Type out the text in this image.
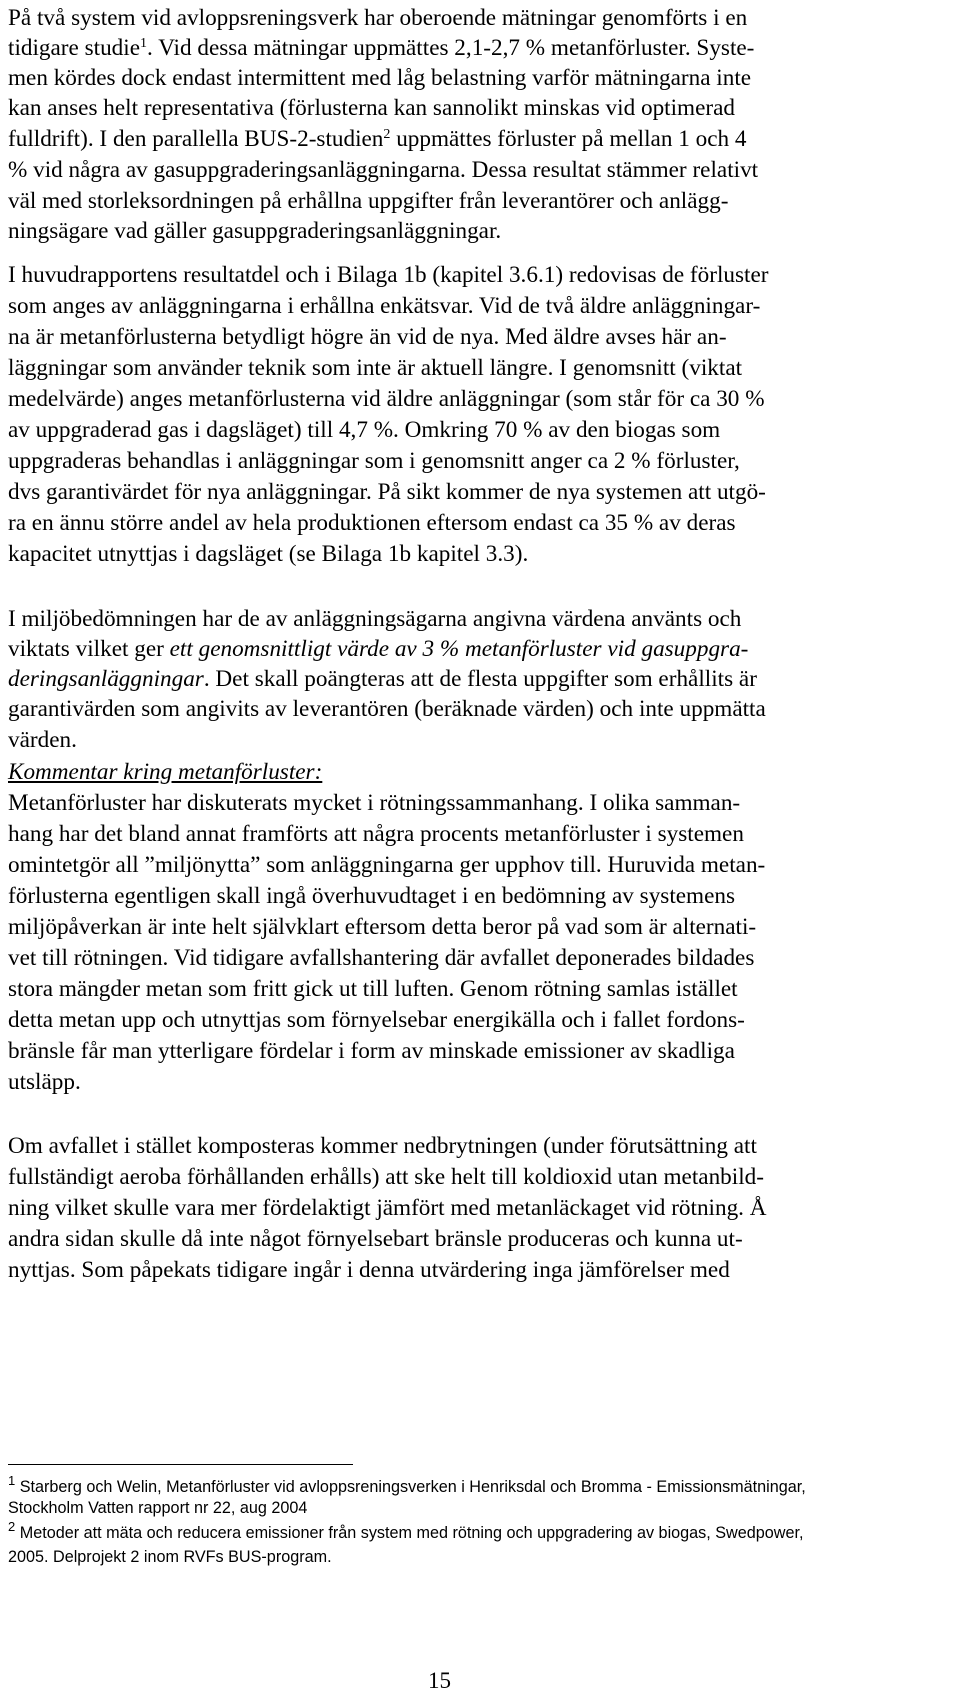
På två system vid avloppsreningsverk har oberoende mätningar genomförts i en
tidigare studie$^1$. Vid dessa mätningar uppmättes 2,1-2,7 % metanförluster. Syste-
men kördes dock endast intermittent med låg belastning varför mätningarna inte
kan anses helt representativa (förlusterna kan sannolikt minskas vid optimerad
fulldrift). I den parallella BUS-2-studien$^2$ uppmättes förluster på mellan 1 och 4
% vid några av gasuppgraderingsanläggningarna. Dessa resultat stämmer relativt
väl med storleksordningen på erhållna uppgifter från leverantörer och anlägg-
ningsägare vad gäller gasuppgraderingsanläggningar.
I huvudrapportens resultatdel och i Bilaga 1b (kapitel 3.6.1) redovisas de förluster
som anges av anläggningarna i erhållna enkätsvar. Vid de två äldre anläggningar-
na är metanförlusterna betydligt högre än vid de nya. Med äldre avses här an-
läggningar som använder teknik som inte är aktuell längre. I genomsnitt (viktat
medelvärde) anges metanförlusterna vid äldre anläggningar (som står för ca 30 %
av uppgraderad gas i dagsläget) till 4,7 %. Omkring 70 % av den biogas som
uppgraderas behandlas i anläggningar som i genomsnitt anger ca 2 % förluster,
dvs garantivärdet för nya anläggningar. På sikt kommer de nya systemen att utgö-
ra en ännu större andel av hela produktionen eftersom endast ca 35 % av deras
kapacitet utnyttjas i dagsläget (se Bilaga 1b kapitel 3.3).
I miljöbedömningen har de av anläggningsägarna angivna värdena använts och
viktats vilket ger ett genomsnittligt värde av 3 % metanförluster vid gasuppgra-
deringsanläggningar. Det skall poängteras att de flesta uppgifter som erhållits är
garantivärden som angivits av leverantören (beräknade värden) och inte uppmätta
värden.
Kommentar kring metanförluster:
Metanförluster har diskuterats mycket i rötningssammanhang. I olika samman-
hang har det bland annat framförts att några procents metanförluster i systemen
omintetgör all ”miljönytta” som anläggningarna ger upphov till. Huruvida metan-
förlusterna egentligen skall ingå överhuvudtaget i en bedömning av systemens
miljöpåverkan är inte helt självklart eftersom detta beror på vad som är alternati-
vet till rötningen. Vid tidigare avfallshantering där avfallet deponerades bildades
stora mängder metan som fritt gick ut till luften. Genom rötning samlas istället
detta metan upp och utnyttjas som förnyelsebar energikälla och i fallet fordons-
bränsle får man ytterligare fördelar i form av minskade emissioner av skadliga
utsläpp.
Om avfallet i stället komposteras kommer nedbrytningen (under förutsättning att
fullständigt aeroba förhållanden erhålls) att ske helt till koldioxid utan metanbild-
ning vilket skulle vara mer fördelaktigt jämfört med metanläckaget vid rötning. Å
andra sidan skulle då inte något förnyelsebart bränsle produceras och kunna ut-
nyttjas. Som påpekats tidigare ingår i denna utvärdering inga jämförelser med
$^1$ Starberg och Welin, Metanförluster vid avloppsreningsverken i Henriksdal och Bromma - Emissionsmätningar,
Stockholm Vatten rapport nr 22, aug 2004
$^2$ Metoder att mäta och reducera emissioner från system med rötning och uppgradering av biogas, Swedpower,
2005. Delprojekt 2 inom RVFs BUS-program.
15
